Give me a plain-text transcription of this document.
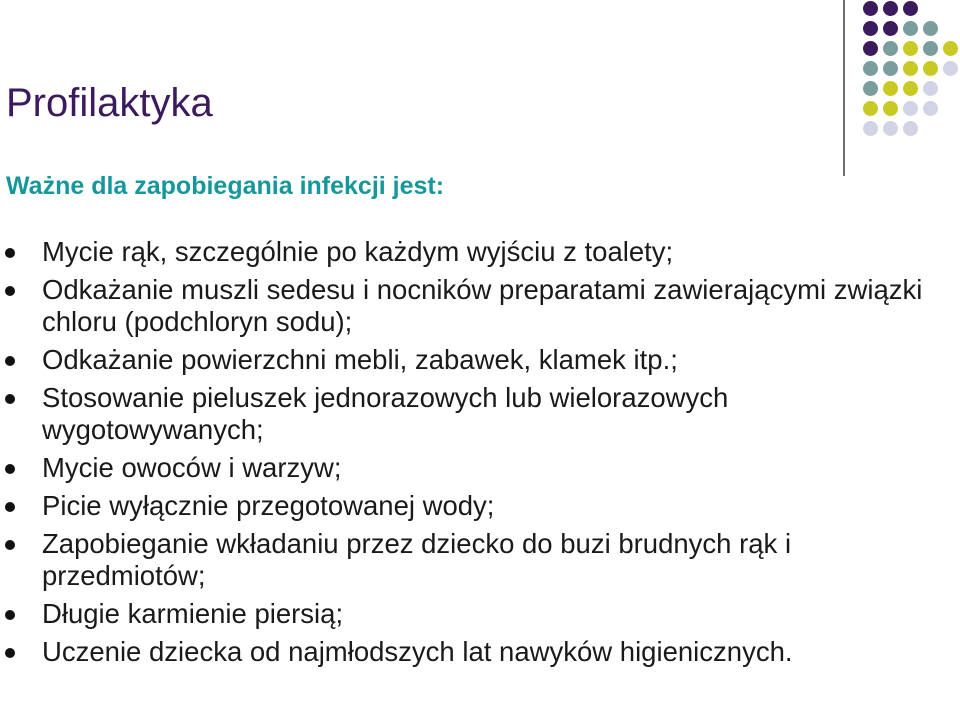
Profilaktyka
Ważne dla zapobiegania infekcji jest:
Mycie rąk, szczególnie po każdym wyjściu z toalety;
Odkażanie muszli sedesu i nocników preparatami zawierającymi związki chloru (podchloryn sodu);
Odkażanie powierzchni mebli, zabawek, klamek itp.;
Stosowanie pieluszek jednorazowych lub wielorazowych wygotowywanych;
Mycie owoców i warzyw;
Picie wyłącznie przegotowanej wody;
Zapobieganie wkładaniu przez dziecko do buzi brudnych rąk i przedmiotów;
Długie karmienie piersią;
Uczenie dziecka od najmłodszych lat nawyków higienicznych.
